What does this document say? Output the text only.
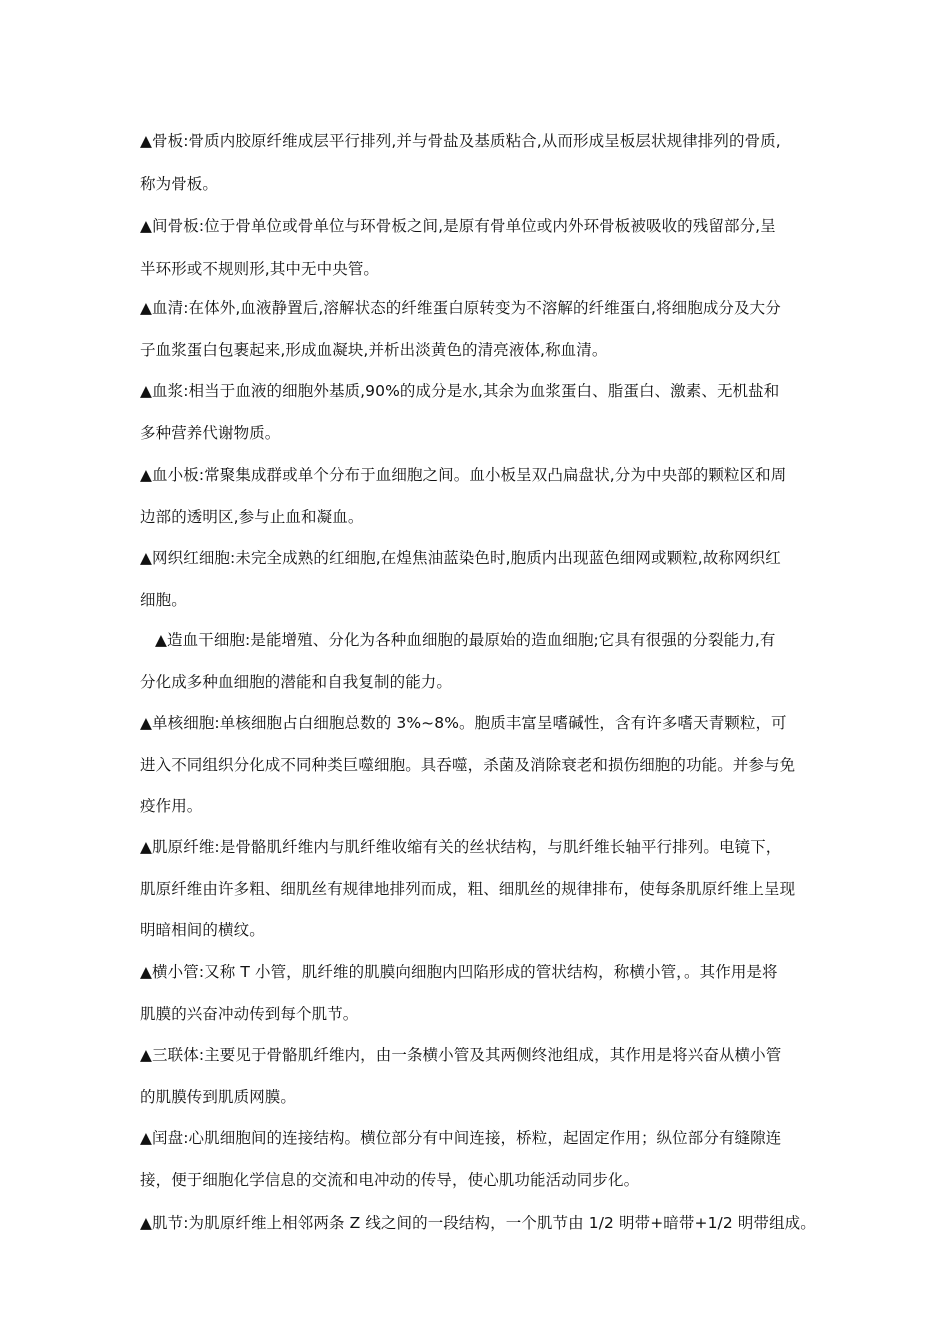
▲骨板:骨质内胶原纤维成层平行排列,并与骨盐及基质粘合,从而形成呈板层状规律排列的骨质,
称为骨板。
▲间骨板:位于骨单位或骨单位与环骨板之间,是原有骨单位或内外环骨板被吸收的残留部分,呈
半环形或不规则形,其中无中央管。
▲血清:在体外,血液静置后,溶解状态的纤维蛋白原转变为不溶解的纤维蛋白,将细胞成分及大分
子血浆蛋白包裹起来,形成血凝块,并析出淡黄色的清亮液体,称血清。
▲血浆:相当于血液的细胞外基质,90%的成分是水,其余为血浆蛋白、脂蛋白、激素、无机盐和
多种营养代谢物质。
▲血小板:常聚集成群或单个分布于血细胞之间。血小板呈双凸扁盘状,分为中央部的颗粒区和周
边部的透明区,参与止血和凝血。
▲网织红细胞:未完全成熟的红细胞,在煌焦油蓝染色时,胞质内出现蓝色细网或颗粒,故称网织红
细胞。
▲造血干细胞:是能增殖、分化为各种血细胞的最原始的造血细胞;它具有很强的分裂能力,有
分化成多种血细胞的潜能和自我复制的能力。
▲单核细胞:单核细胞占白细胞总数的 3%~8%。胞质丰富呈嗜碱性，含有许多嗜天青颗粒，可
进入不同组织分化成不同种类巨噬细胞。具吞噬，杀菌及消除衰老和损伤细胞的功能。并参与免
疫作用。
▲肌原纤维:是骨骼肌纤维内与肌纤维收缩有关的丝状结构，与肌纤维长轴平行排列。电镜下，
肌原纤维由许多粗、细肌丝有规律地排列而成，粗、细肌丝的规律排布，使每条肌原纤维上呈现
明暗相间的横纹。
▲横小管:又称 T 小管，肌纤维的肌膜向细胞内凹陷形成的管状结构，称横小管，。其作用是将
肌膜的兴奋冲动传到每个肌节。
▲三联体:主要见于骨骼肌纤维内，由一条横小管及其两侧终池组成，其作用是将兴奋从横小管
的肌膜传到肌质网膜。
▲闰盘:心肌细胞间的连接结构。横位部分有中间连接，桥粒，起固定作用；纵位部分有缝隙连
接，便于细胞化学信息的交流和电冲动的传导，使心肌功能活动同步化。
▲肌节:为肌原纤维上相邻两条 Z 线之间的一段结构，一个肌节由 1/2 明带+暗带+1/2 明带组成。
